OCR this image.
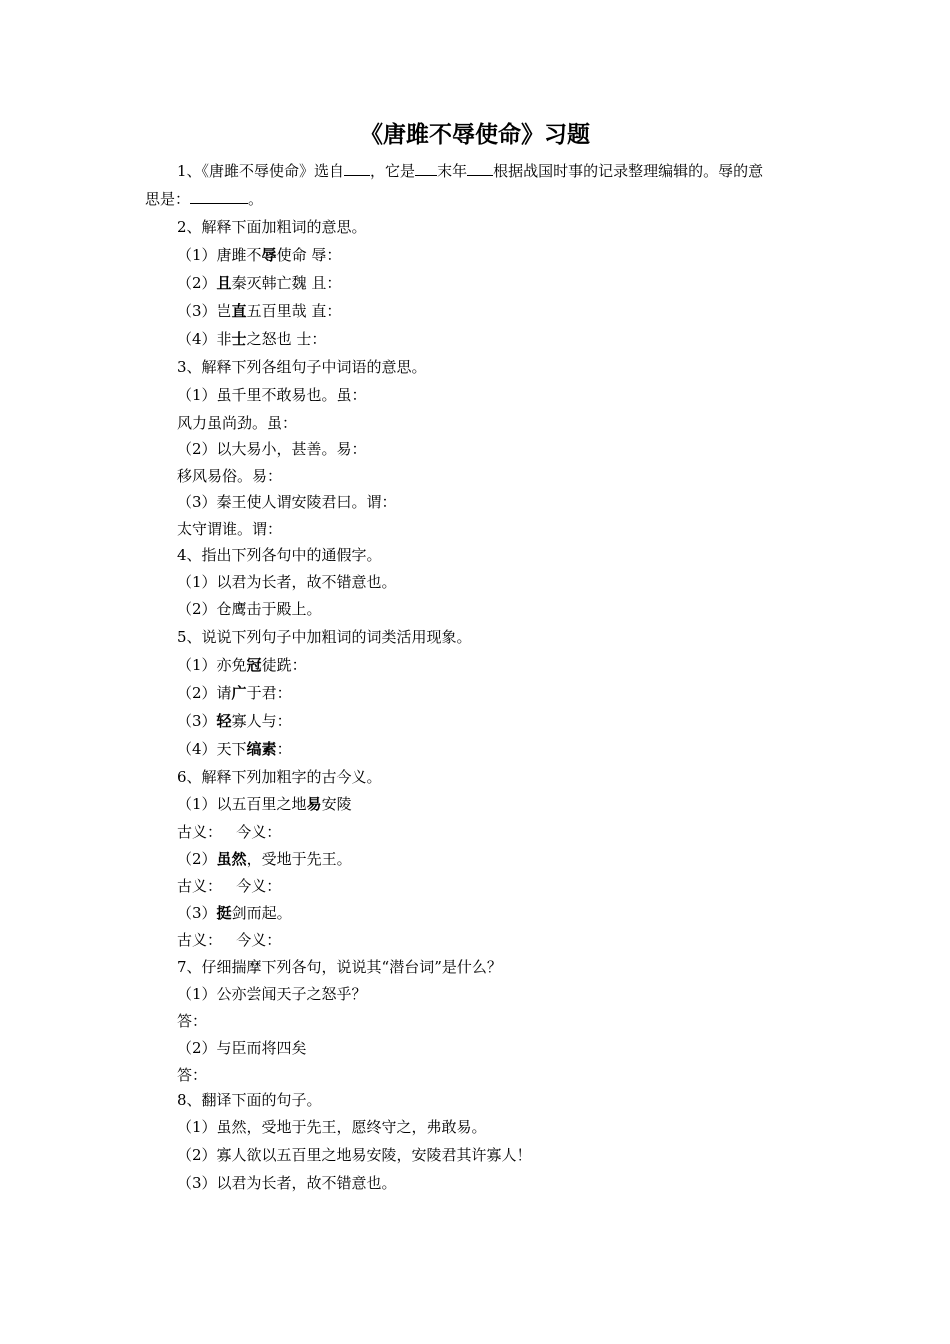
《唐雎不辱使命》习题
1、《唐雎不辱使命》选自 ，它是 末年 根据战国时事的记录整理编辑的。辱的意
思是：	。
2、解释下面加粗词的意思。
（1）唐雎不辱使命 辱：
（2）且秦灭韩亡魏 且：
（3）岂直五百里哉 直：
（4）非士之怒也 士：
3、解释下列各组句子中词语的意思。
（1）虽千里不敢易也。虽：
风力虽尚劲。虽：
（2）以大易小，甚善。易：
移风易俗。易：
（3）秦王使人谓安陵君曰。谓：
太守谓谁。谓：
4、指出下列各句中的通假字。
（1）以君为长者，故不错意也。
（2）仓鹰击于殿上。
5、说说下列句子中加粗词的词类活用现象。
（1）亦免冠徒跣：
（2）请广于君：
（3）轻寡人与：
（4）天下缟素：
6、解释下列加粗字的古今义。
（1）以五百里之地易安陵
古义：   今义：
（2）虽然，受地于先王。
古义：   今义：
（3）挺剑而起。
古义：   今义：
7、仔细揣摩下列各句，说说其“潜台词”是什么？
（1）公亦尝闻天子之怒乎？
答：
（2）与臣而将四矣
答：
8、翻译下面的句子。
（1）虽然，受地于先王，愿终守之，弗敢易。
（2）寡人欲以五百里之地易安陵，安陵君其许寡人！
（3）以君为长者，故不错意也。
